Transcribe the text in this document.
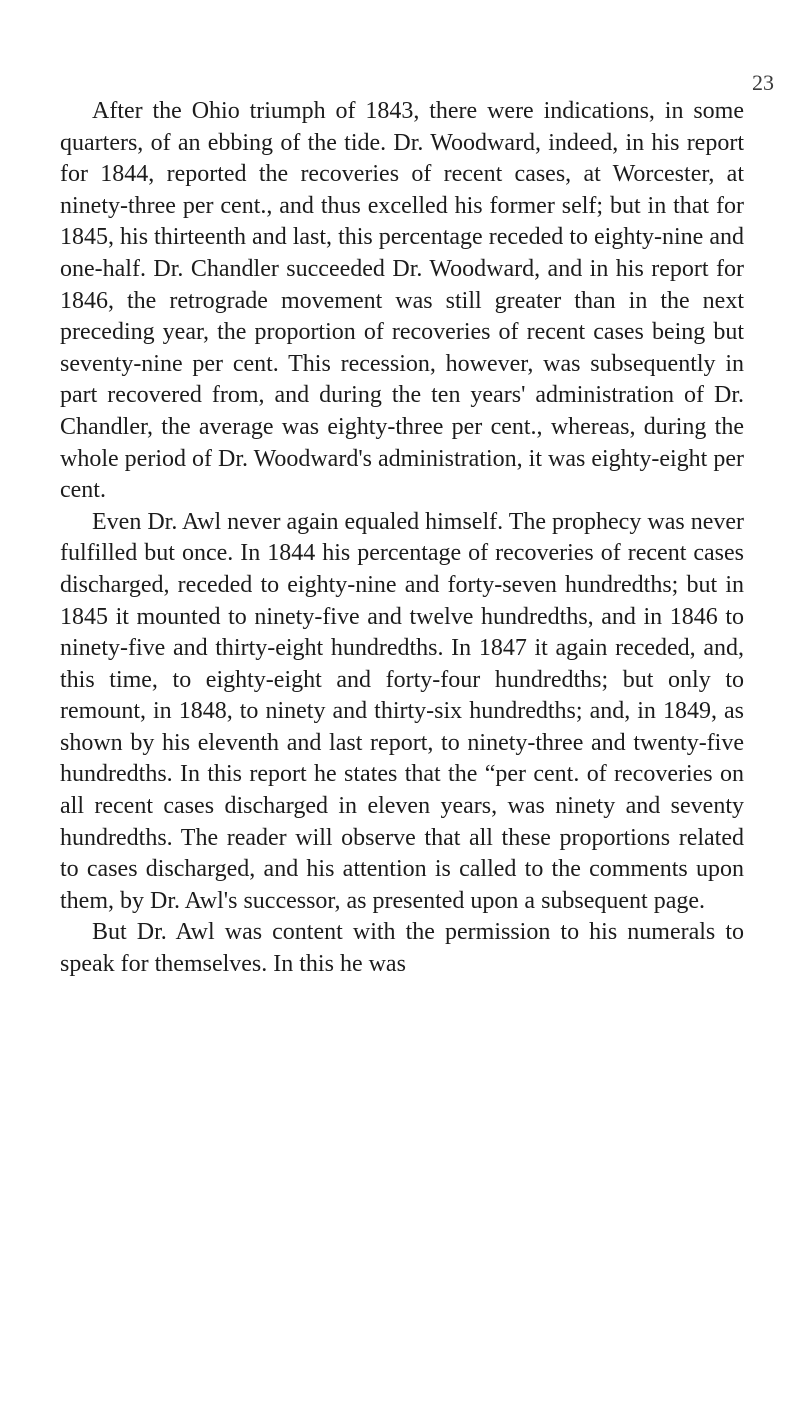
23

After the Ohio triumph of 1843, there were indications, in some quarters, of an ebbing of the tide. Dr. Woodward, indeed, in his report for 1844, reported the recoveries of recent cases, at Worcester, at ninety-three per cent., and thus excelled his former self; but in that for 1845, his thirteenth and last, this percentage receded to eighty-nine and one-half. Dr. Chandler succeeded Dr. Woodward, and in his report for 1846, the retrograde movement was still greater than in the next preceding year, the proportion of recoveries of recent cases being but seventy-nine per cent. This recession, however, was subsequently in part recovered from, and during the ten years' administration of Dr. Chandler, the average was eighty-three per cent., whereas, during the whole period of Dr. Woodward's administration, it was eighty-eight per cent.

Even Dr. Awl never again equaled himself. The prophecy was never fulfilled but once. In 1844 his percentage of recoveries of recent cases discharged, receded to eighty-nine and forty-seven hundredths; but in 1845 it mounted to ninety-five and twelve hundredths, and in 1846 to ninety-five and thirty-eight hundredths. In 1847 it again receded, and, this time, to eighty-eight and forty-four hundredths; but only to remount, in 1848, to ninety and thirty-six hundredths; and, in 1849, as shown by his eleventh and last report, to ninety-three and twenty-five hundredths. In this report he states that the “per cent. of recoveries on all recent cases discharged in eleven years, was ninety and seventy hundredths. The reader will observe that all these proportions related to cases discharged, and his attention is called to the comments upon them, by Dr. Awl's successor, as presented upon a subsequent page.

But Dr. Awl was content with the permission to his numerals to speak for themselves. In this he was
